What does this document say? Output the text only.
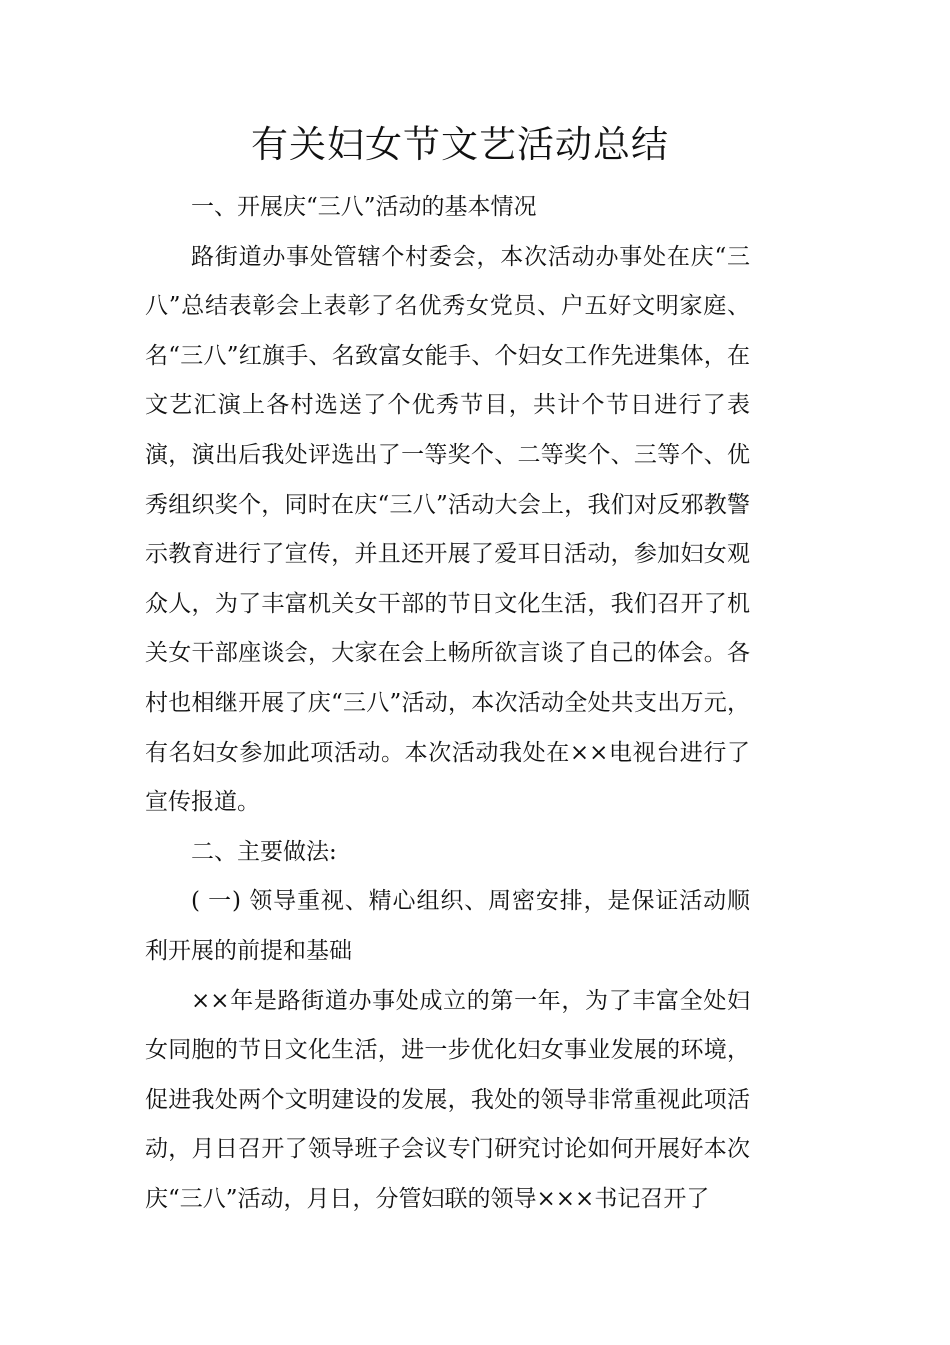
有关妇女节文艺活动总结

一、开展庆“三八”活动的基本情况

路街道办事处管辖个村委会，本次活动办事处在庆“三八”总结表彰会上表彰了名优秀女党员、户五好文明家庭、名“三八”红旗手、名致富女能手、个妇女工作先进集体，在文艺汇演上各村选送了个优秀节目，共计个节日进行了表演，演出后我处评选出了一等奖个、二等奖个、三等个、优秀组织奖个，同时在庆“三八”活动大会上，我们对反邪教警示教育进行了宣传，并且还开展了爱耳日活动，参加妇女观众人，为了丰富机关女干部的节日文化生活，我们召开了机关女干部座谈会，大家在会上畅所欲言谈了自己的体会。各村也相继开展了庆“三八”活动，本次活动全处共支出万元，有名妇女参加此项活动。本次活动我处在××电视台进行了宣传报道。

二、主要做法:

( 一) 领导重视、精心组织、周密安排，是保证活动顺利开展的前提和基础

××年是路街道办事处成立的第一年，为了丰富全处妇女同胞的节日文化生活，进一步优化妇女事业发展的环境，促进我处两个文明建设的发展，我处的领导非常重视此项活动，月日召开了领导班子会议专门研究讨论如何开展好本次庆“三八”活动，月日，分管妇联的领导×××书记召开了
